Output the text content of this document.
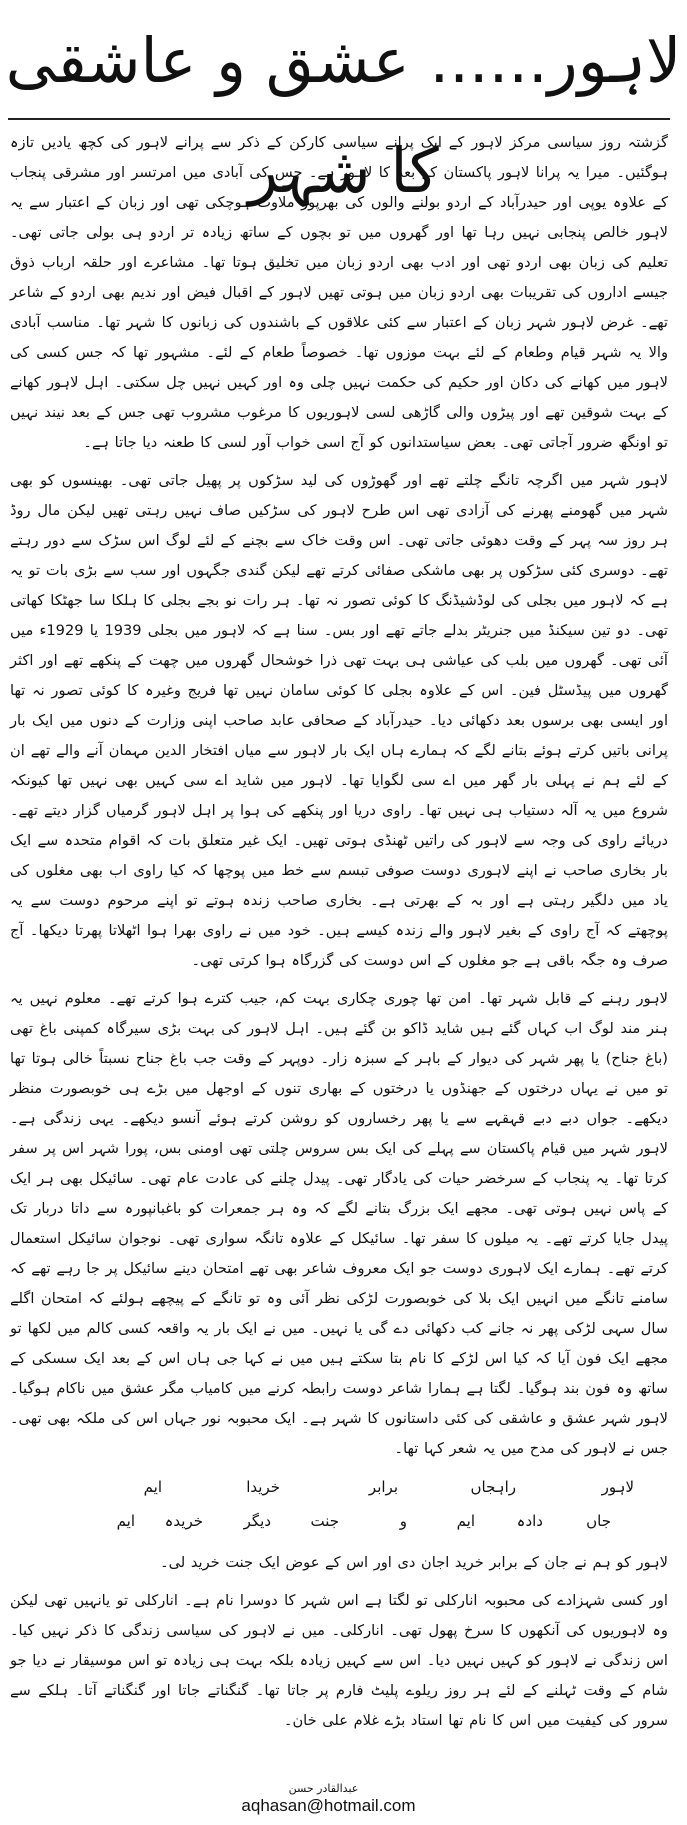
لاہور...... عشق و عاشقی کا شہر

گزشتہ روز سیاسی مرکز لاہور کے ایک پرانے سیاسی کارکن کے ذکر سے پرانے لاہور کی کچھ یادیں تازہ ہوگئیں۔ میرا یہ پرانا لاہور پاکستان کے بعد کا لاہور ہے۔ جس کی آبادی میں امرتسر اور مشرقی پنجاب کے علاوہ یوپی اور حیدرآباد کے اردو بولنے والوں کی بھرپور ملاوٹ ہوچکی تھی اور زبان کے اعتبار سے یہ لاہور خالص پنجابی نہیں رہا تھا اور گھروں میں تو بچوں کے ساتھ زیادہ تر اردو ہی بولی جاتی تھی۔ تعلیم کی زبان بھی اردو تھی اور ادب بھی اردو زبان میں تخلیق ہوتا تھا۔ مشاعرے اور حلقہ ارباب ذوق جیسے اداروں کی تقریبات بھی اردو زبان میں ہوتی تھیں لاہور کے اقبال فیض اور ندیم بھی اردو کے شاعر تھے۔ غرض لاہور شہر زبان کے اعتبار سے کئی علاقوں کے باشندوں کی زبانوں کا شہر تھا۔ مناسب آبادی والا یہ شہر قیام وطعام کے لئے بہت موزوں تھا۔ خصوصاً طعام کے لئے۔ مشہور تھا کہ جس کسی کی لاہور میں کھانے کی دکان اور حکیم کی حکمت نہیں چلی وہ اور کہیں نہیں چل سکتی۔ اہل لاہور کھانے کے بہت شوقین تھے اور پیڑوں والی گاڑھی لسی لاہوریوں کا مرغوب مشروب تھی جس کے بعد نیند نہیں تو اونگھ ضرور آجاتی تھی۔ بعض سیاستدانوں کو آج اسی خواب آور لسی کا طعنہ دیا جاتا ہے۔

لاہور شہر میں اگرچہ تانگے چلتے تھے اور گھوڑوں کی لید سڑکوں پر پھیل جاتی تھی۔ بھینسوں کو بھی شہر میں گھومنے پھرنے کی آزادی تھی اس طرح لاہور کی سڑکیں صاف نہیں رہتی تھیں لیکن مال روڈ ہر روز سہ پہر کے وقت دھوئی جاتی تھی۔ اس وقت خاک سے بچنے کے لئے لوگ اس سڑک سے دور رہتے تھے۔ دوسری کئی سڑکوں پر بھی ماشکی صفائی کرتے تھے لیکن گندی جگہوں اور سب سے بڑی بات تو یہ ہے کہ لاہور میں بجلی کی لوڈشیڈنگ کا کوئی تصور نہ تھا۔ ہر رات نو بجے بجلی کا ہلکا سا جھٹکا کھاتی تھی۔ دو تین سیکنڈ میں جنریٹر بدلے جاتے تھے اور بس۔ سنا ہے کہ لاہور میں بجلی 1939 یا 1929ء میں آئی تھی۔ گھروں میں بلب کی عیاشی ہی بہت تھی ذرا خوشحال گھروں میں چھت کے پنکھے تھے اور اکثر گھروں میں پیڈسٹل فین۔ اس کے علاوہ بجلی کا کوئی سامان نہیں تھا فریج وغیرہ کا کوئی تصور نہ تھا اور ایسی بھی برسوں بعد دکھائی دیا۔ حیدرآباد کے صحافی عابد صاحب اپنی وزارت کے دنوں میں ایک بار پرانی باتیں کرتے ہوئے بتانے لگے کہ ہمارے ہاں ایک بار لاہور سے میاں افتخار الدین مہمان آنے والے تھے ان کے لئے ہم نے پہلی بار گھر میں اے سی لگوایا تھا۔ لاہور میں شاید اے سی کہیں بھی نہیں تھا کیونکہ شروع میں یہ آلہ دستیاب ہی نہیں تھا۔ راوی دریا اور پنکھے کی ہوا پر اہل لاہور گرمیاں گزار دیتے تھے۔ دریائے راوی کی وجہ سے لاہور کی راتیں ٹھنڈی ہوتی تھیں۔ ایک غیر متعلق بات کہ اقوام متحدہ سے ایک بار بخاری صاحب نے اپنے لاہوری دوست صوفی تبسم سے خط میں پوچھا کہ کیا راوی اب بھی مغلوں کی یاد میں دلگیر رہتی ہے اور بہ کے بھرتی ہے۔ بخاری صاحب زندہ ہوتے تو اپنے مرحوم دوست سے یہ پوچھتے کہ آج راوی کے بغیر لاہور والے زندہ کیسے ہیں۔ خود میں نے راوی بھرا ہوا اٹھلاتا پھرتا دیکھا۔ آج صرف وہ جگہ باقی ہے جو مغلوں کے اس دوست کی گزرگاہ ہوا کرتی تھی۔

لاہور رہنے کے قابل شہر تھا۔ امن تھا چوری چکاری بہت کم، جیب کترے ہوا کرتے تھے۔ معلوم نہیں یہ ہنر مند لوگ اب کہاں گئے ہیں شاید ڈاکو بن گئے ہیں۔ اہل لاہور کی بہت بڑی سیرگاہ کمپنی باغ تھی (باغ جناح) یا پھر شہر کی دیوار کے باہر کے سبزہ زار۔ دوپہر کے وقت جب باغ جناح نسبتاً خالی ہوتا تھا تو میں نے یہاں درختوں کے جھنڈوں یا درختوں کے بھاری تنوں کے اوجھل میں بڑے ہی خوبصورت منظر دیکھے۔ جواں دبے دبے قہقہے سے یا پھر رخساروں کو روشن کرتے ہوئے آنسو دیکھے۔ یہی زندگی ہے۔ لاہور شہر میں قیام پاکستان سے پہلے کی ایک بس سروس چلتی تھی اومنی بس، پورا شہر اس پر سفر کرتا تھا۔ یہ پنجاب کے سرخضر حیات کی یادگار تھی۔ پیدل چلنے کی عادت عام تھی۔ سائیکل بھی ہر ایک کے پاس نہیں ہوتی تھی۔ مجھے ایک بزرگ بتانے لگے کہ وہ ہر جمعرات کو باغبانپورہ سے داتا دربار تک پیدل جایا کرتے تھے۔ یہ میلوں کا سفر تھا۔ سائیکل کے علاوہ تانگہ سواری تھی۔ نوجوان سائیکل استعمال کرتے تھے۔ ہمارے ایک لاہوری دوست جو ایک معروف شاعر بھی تھے امتحان دینے سائیکل پر جا رہے تھے کہ سامنے تانگے میں انہیں ایک بلا کی خوبصورت لڑکی نظر آئی وہ تو تانگے کے پیچھے ہولئے کہ امتحان اگلے سال سہی لڑکی پھر نہ جانے کب دکھائی دے گی یا نہیں۔ میں نے ایک بار یہ واقعہ کسی کالم میں لکھا تو مجھے ایک فون آیا کہ کیا اس لڑکے کا نام بتا سکتے ہیں میں نے کہا جی ہاں اس کے بعد ایک سسکی کے ساتھ وہ فون بند ہوگیا۔ لگتا ہے ہمارا شاعر دوست رابطہ کرنے میں کامیاب مگر عشق میں ناکام ہوگیا۔ لاہور شہر عشق و عاشقی کی کئی داستانوں کا شہر ہے۔ ایک محبوبہ نور جہاں اس کی ملکہ بھی تھی۔ جس نے لاہور کی مدح میں یہ شعر کہا تھا۔

لاہور
راہجاں
برابر
خریدا
ایم
جاں
دادہ
ایم
و
جنت
دیگر
خریدہ
ایم

لاہور کو ہم نے جان کے برابر خرید اجان دی اور اس کے عوض ایک جنت خرید لی۔

اور کسی شہزادے کی محبوبہ انارکلی تو لگتا ہے اس شہر کا دوسرا نام ہے۔ انارکلی تو یانہیں تھی لیکن وہ لاہوریوں کی آنکھوں کا سرخ پھول تھی۔ انارکلی۔ میں نے لاہور کی سیاسی زندگی کا ذکر نہیں کیا۔ اس زندگی نے لاہور کو کہیں نہیں دیا۔ اس سے کہیں زیادہ بلکہ بہت ہی زیادہ تو اس موسیقار نے دیا جو شام کے وقت ٹہلنے کے لئے ہر روز ریلوے پلیٹ فارم پر جاتا تھا۔ گنگناتے جاتا اور گنگناتے آتا۔ ہلکے سے سرور کی کیفیت میں اس کا نام تھا استاد بڑے غلام علی خان۔

عبدالقادر حسن
aqhasan@hotmail.com
